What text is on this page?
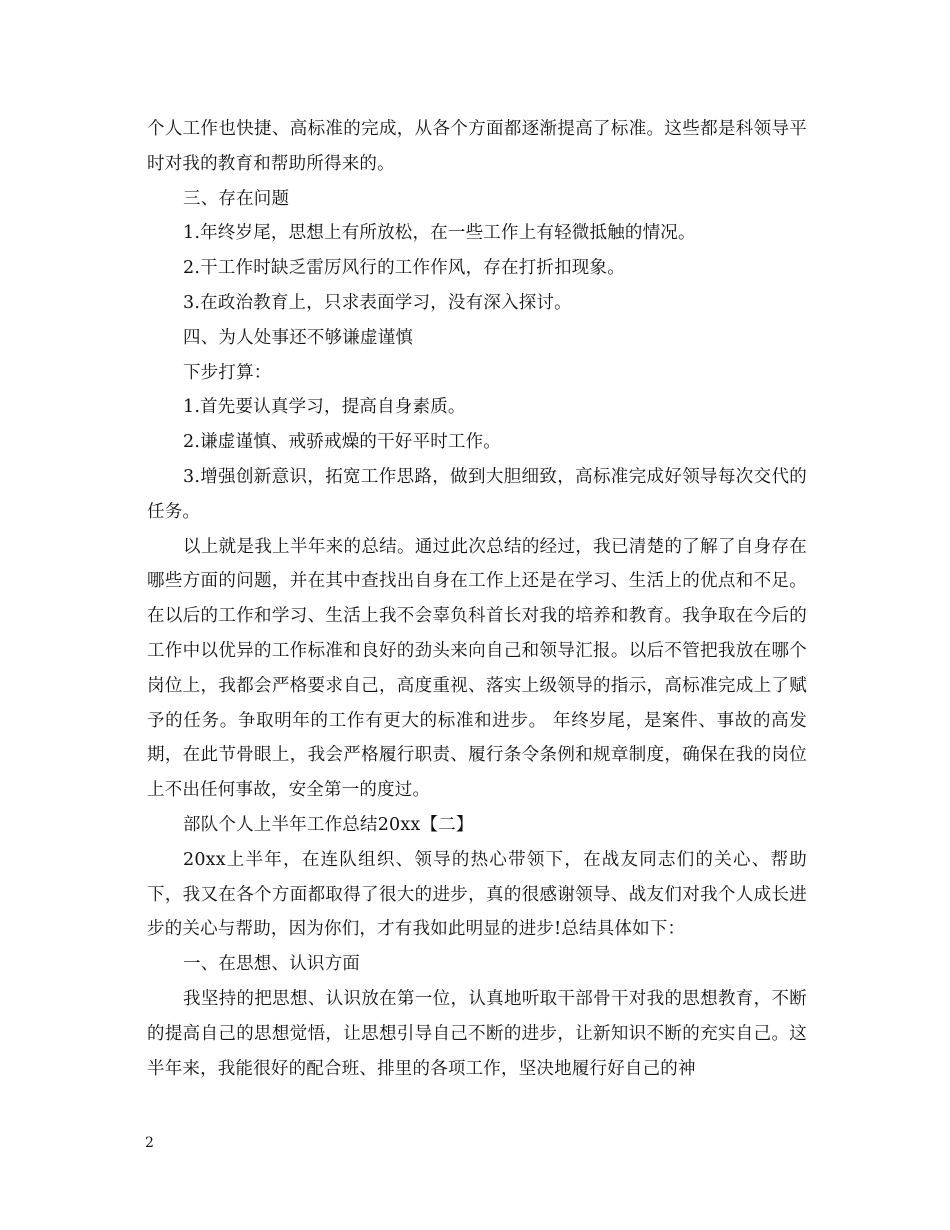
个人工作也快捷、高标准的完成，从各个方面都逐渐提高了标准。这些都是科领导平时对我的教育和帮助所得来的。

三、存在问题

1.年终岁尾，思想上有所放松，在一些工作上有轻微抵触的情况。

2.干工作时缺乏雷厉风行的工作作风，存在打折扣现象。

3.在政治教育上，只求表面学习，没有深入探讨。

四、为人处事还不够谦虚谨慎

下步打算：

1.首先要认真学习，提高自身素质。

2.谦虚谨慎、戒骄戒燥的干好平时工作。

3.增强创新意识，拓宽工作思路，做到大胆细致，高标准完成好领导每次交代的任务。

以上就是我上半年来的总结。通过此次总结的经过，我已清楚的了解了自身存在哪些方面的问题，并在其中查找出自身在工作上还是在学习、生活上的优点和不足。在以后的工作和学习、生活上我不会辜负科首长对我的培养和教育。我争取在今后的工作中以优异的工作标准和良好的劲头来向自己和领导汇报。以后不管把我放在哪个岗位上，我都会严格要求自己，高度重视、落实上级领导的指示，高标准完成上了赋予的任务。争取明年的工作有更大的标准和进步。 年终岁尾，是案件、事故的高发期，在此节骨眼上，我会严格履行职责、履行条令条例和规章制度，确保在我的岗位上不出任何事故，安全第一的度过。

部队个人上半年工作总结20xx【二】

20xx上半年，在连队组织、领导的热心带领下，在战友同志们的关心、帮助下，我又在各个方面都取得了很大的进步，真的很感谢领导、战友们对我个人成长进步的关心与帮助，因为你们，才有我如此明显的进步!总结具体如下：

一、在思想、认识方面

我坚持的把思想、认识放在第一位，认真地听取干部骨干对我的思想教育，不断的提高自己的思想觉悟，让思想引导自己不断的进步，让新知识不断的充实自己。这半年来，我能很好的配合班、排里的各项工作，坚决地履行好自己的神

2
